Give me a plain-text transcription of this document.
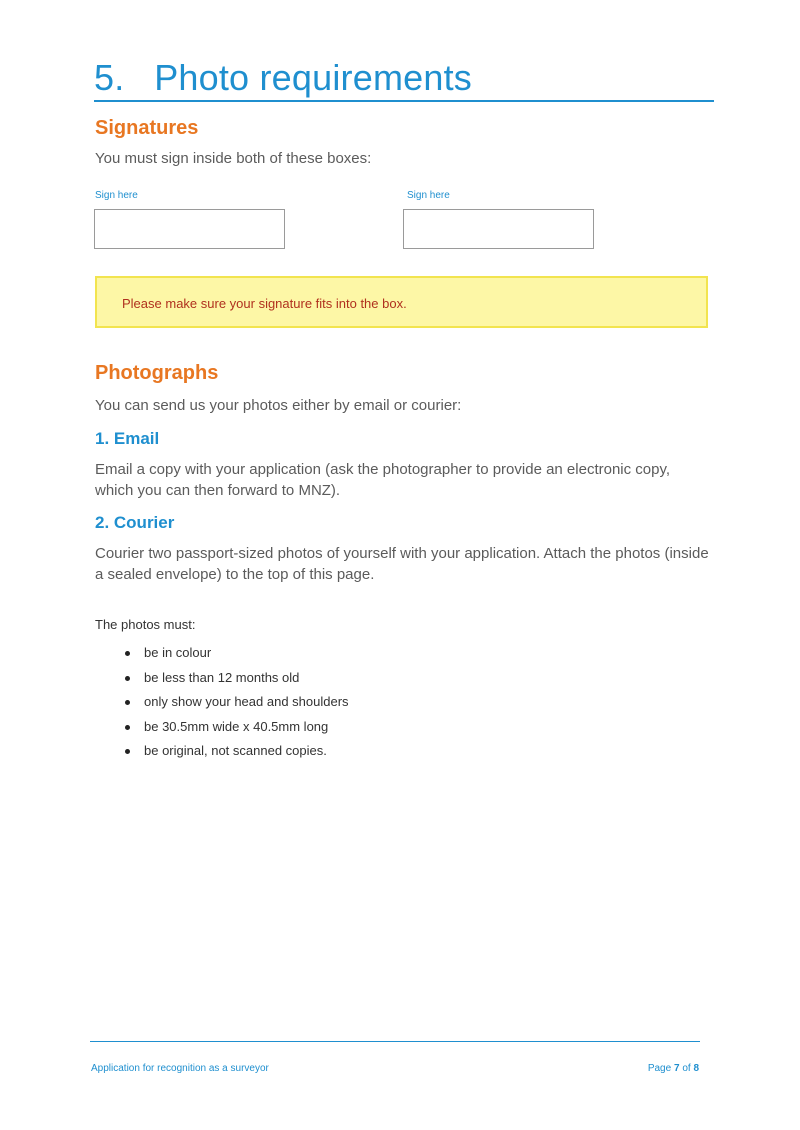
5. Photo requirements
Signatures
You must sign inside both of these boxes:
Sign here	Sign here
Please make sure your signature fits into the box.
Photographs
You can send us your photos either by email or courier:
1. Email
Email a copy with your application (ask the photographer to provide an electronic copy, which you can then forward to MNZ).
2. Courier
Courier two passport-sized photos of yourself with your application. Attach the photos (inside a sealed envelope) to the top of this page.
The photos must:
be in colour
be less than 12 months old
only show your head and shoulders
be 30.5mm wide x 40.5mm long
be original, not scanned copies.
Application for recognition as a surveyor	Page 7 of 8
